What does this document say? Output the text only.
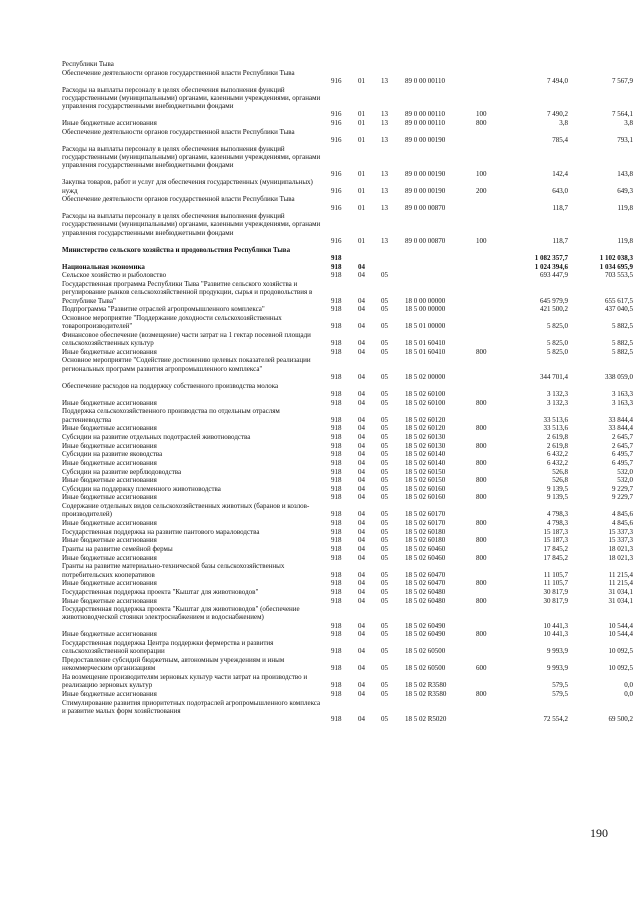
Республики Тыва
Обеспечение деятельности органов государственной власти Республики Тыва
916	01	13	89 0 00 00110	7 494,0	7 567,9
Расходы на выплаты персоналу в целях обеспечения выполнения функций государственными (муниципальными) органами, казенными учреждениями, органами управления государственными внебюджетными фондами
916	01	13	89 0 00 00110	100	7 490,2	7 564,1
Иные бюджетные ассигнования	916	01	13	89 0 00 00110	800	3,8	3,8
Обеспечение деятельности органов государственной власти Республики Тыва
916	01	13	89 0 00 00190	785,4	793,1
Расходы на выплаты персоналу в целях обеспечения выполнения функций государственными (муниципальными) органами, казенными учреждениями, органами управления государственными внебюджетными фондами
916	01	13	89 0 00 00190	100	142,4	143,8
Закупка товаров, работ и услуг для обеспечения государственных (муниципальных) нужд	916	01	13	89 0 00 00190	200	643,0	649,3
Обеспечение деятельности органов государственной власти Республики Тыва
916	01	13	89 0 00 00870	118,7	119,8
Расходы на выплаты персоналу в целях обеспечения выполнения функций государственными (муниципальными) органами, казенными учреждениями, органами управления государственными внебюджетными фондами
916	01	13	89 0 00 00870	100	118,7	119,8
Министерство сельского хозяйства и продовольствия Республики Тыва
918	1 082 357,7	1 102 038,3
Национальная экономика	918	04	1 024 394,6	1 034 695,9
Сельское хозяйство и рыболовство	918	04	05	693 447,9	703 553,5
Государственная программа Республики Тыва "Развитие сельского хозяйства и регулирование рынков сельскохозяйственной продукции, сырья и продовольствия в Республике Тыва"	918	04	05	18 0 00 00000	645 979,9	655 617,5
Подпрограмма "Развитие отраслей агропромышленного комплекса"	918	04	05	18 5 00 00000	421 500,2	437 040,5
Основное мероприятие "Поддержание доходности сельскохозяйственных товаропроизводителей"	918	04	05	18 5 01 00000	5 825,0	5 882,5
Финансовое обеспечение (возмещение) части затрат на 1 гектар посевной площади сельскохозяйственных культур	918	04	05	18 5 01 60410	5 825,0	5 882,5
Иные бюджетные ассигнования	918	04	05	18 5 01 60410	800	5 825,0	5 882,5
Основное мероприятие "Содействие достижению целевых показателей реализации региональных программ развития агропромышленного комплекса"
918	04	05	18 5 02 00000	344 701,4	338 059,0
Обеспечение расходов на поддержку собственного производства молока
918	04	05	18 5 02 60100	3 132,3	3 163,3
Иные бюджетные ассигнования	918	04	05	18 5 02 60100	800	3 132,3	3 163,3
Поддержка сельскохозяйственного производства по отдельным отраслям растениеводства	918	04	05	18 5 02 60120	33 513,6	33 844,4
Иные бюджетные ассигнования	918	04	05	18 5 02 60120	800	33 513,6	33 844,4
Субсидии на развитие отдельных подотраслей животноводства	918	04	05	18 5 02 60130	2 619,8	2 645,7
Иные бюджетные ассигнования	918	04	05	18 5 02 60130	800	2 619,8	2 645,7
Субсидии на развитие яководства	918	04	05	18 5 02 60140	6 432,2	6 495,7
Иные бюджетные ассигнования	918	04	05	18 5 02 60140	800	6 432,2	6 495,7
Субсидии на развитие верблюдоводства	918	04	05	18 5 02 60150	526,8	532,0
Иные бюджетные ассигнования	918	04	05	18 5 02 60150	800	526,8	532,0
Субсидии на поддержку племенного животноводства	918	04	05	18 5 02 60160	9 139,5	9 229,7
Иные бюджетные ассигнования	918	04	05	18 5 02 60160	800	9 139,5	9 229,7
Содержание отдельных видов сельскохозяйственных животных (баранов и козлов-производителей)	918	04	05	18 5 02 60170	4 798,3	4 845,6
Иные бюджетные ассигнования	918	04	05	18 5 02 60170	800	4 798,3	4 845,6
Государственная поддержка на развитие пантового мараловодства	918	04	05	18 5 02 60180	15 187,3	15 337,3
Иные бюджетные ассигнования	918	04	05	18 5 02 60180	800	15 187,3	15 337,3
Гранты на развитие семейной фермы	918	04	05	18 5 02 60460	17 845,2	18 021,3
Иные бюджетные ассигнования	918	04	05	18 5 02 60460	800	17 845,2	18 021,3
Гранты на развитие материально-технической базы сельскохозяйственных потребительских кооперативов	918	04	05	18 5 02 60470	11 105,7	11 215,4
Иные бюджетные ассигнования	918	04	05	18 5 02 60470	800	11 105,7	11 215,4
Государственная поддержка проекта "Кыштаг для животноводов"	918	04	05	18 5 02 60480	30 817,9	31 034,1
Иные бюджетные ассигнования	918	04	05	18 5 02 60480	800	30 817,9	31 034,1
Государственная поддержка проекта "Кыштаг для животноводов" (обеспечение животноводческой стоянки электроснабжением и водоснабжением)
918	04	05	18 5 02 60490	10 441,3	10 544,4
Иные бюджетные ассигнования	918	04	05	18 5 02 60490	800	10 441,3	10 544,4
Государственная поддержка Центра поддержки фермерства и развития сельскохозяйственной кооперации	918	04	05	18 5 02 60500	9 993,9	10 092,5
Предоставление субсидий бюджетным, автономным учреждениям и иным некоммерческим организациям	918	04	05	18 5 02 60500	600	9 993,9	10 092,5
На возмещение производителям зерновых культур части затрат на производство и реализацию зерновых культур	918	04	05	18 5 02 R3580	579,5	0,0
Иные бюджетные ассигнования	918	04	05	18 5 02 R3580	800	579,5	0,0
Стимулирование развития приоритетных подотраслей агропромышленного комплекса и развитие малых форм хозяйствования
918	04	05	18 5 02 R5020	72 554,2	69 500,2
190
